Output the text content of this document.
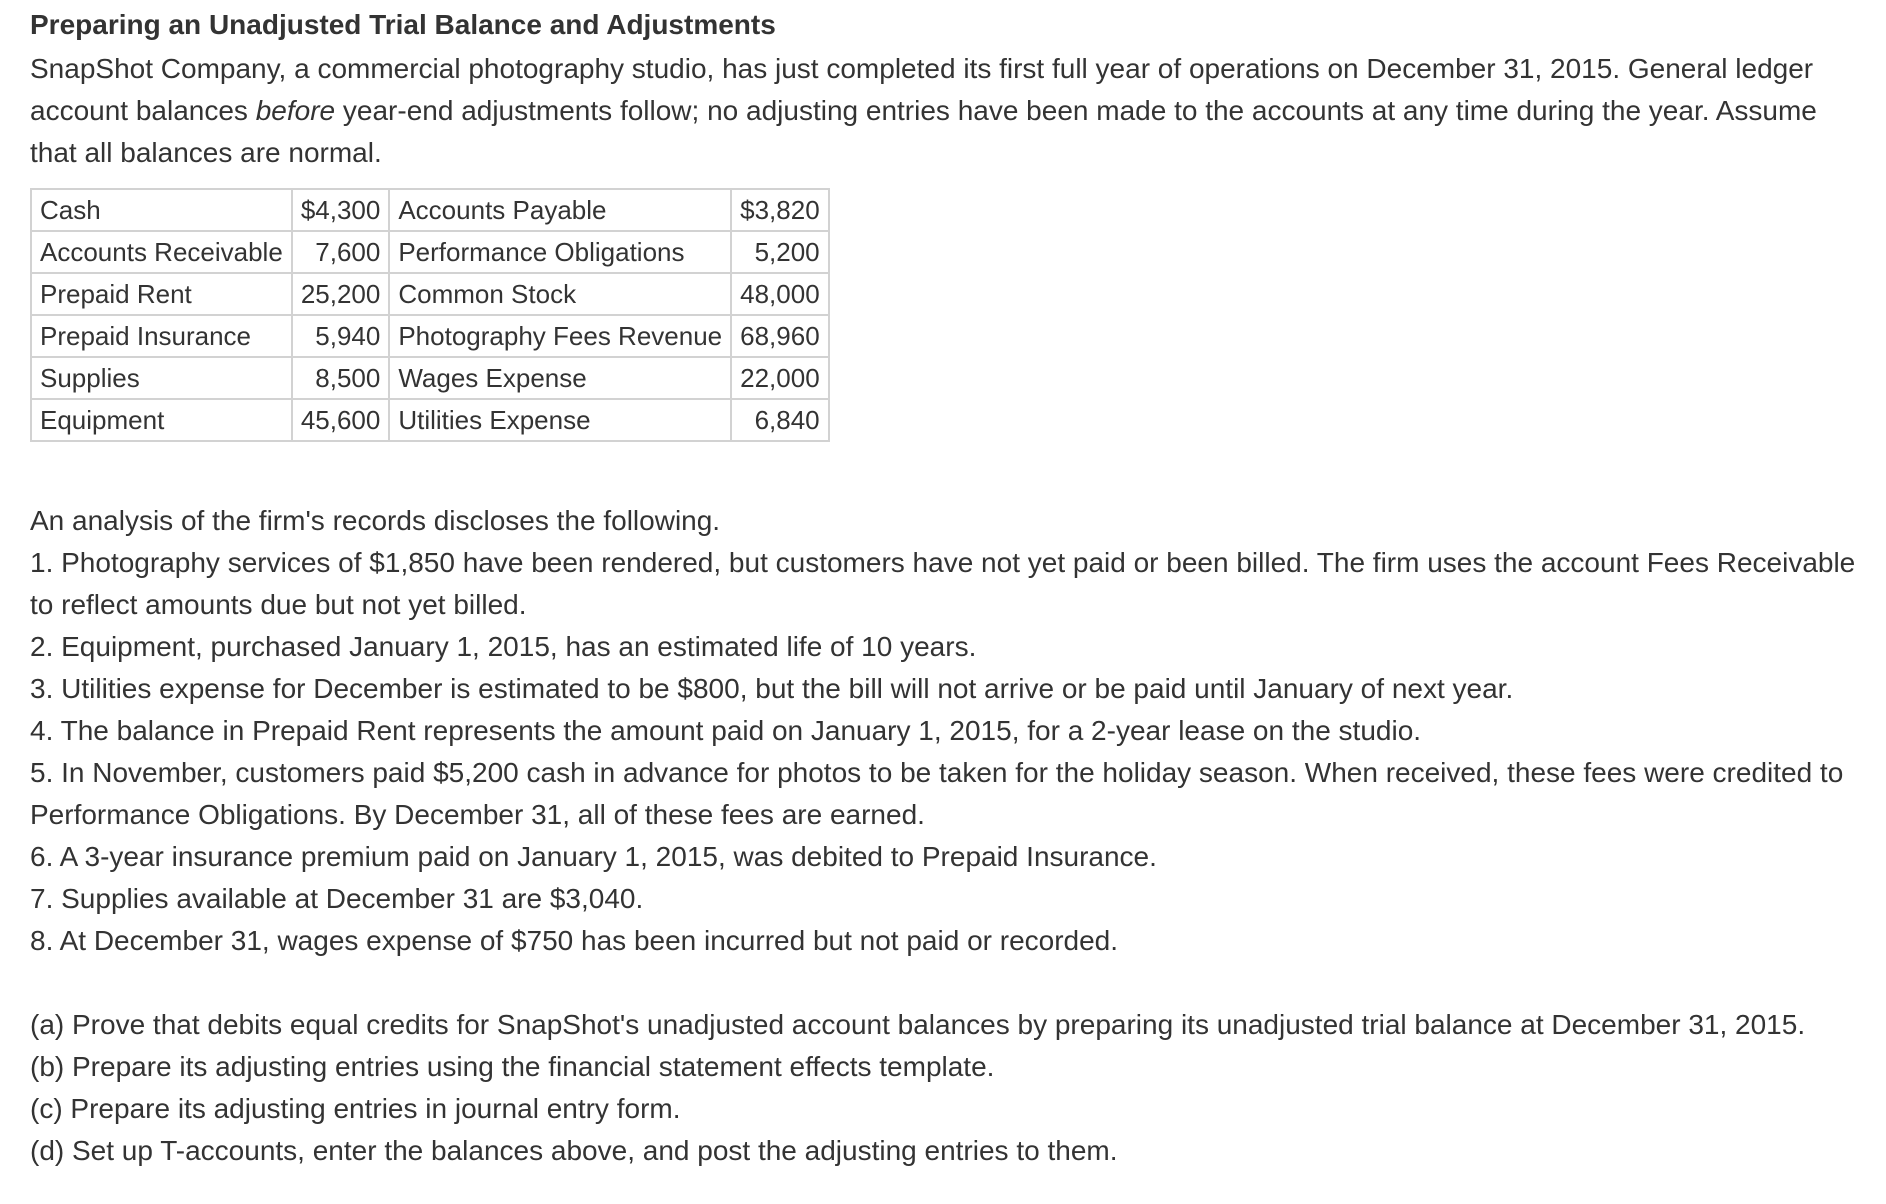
Preparing an Unadjusted Trial Balance and Adjustments

SnapShot Company, a commercial photography studio, has just completed its first full year of operations on December 31, 2015. General ledger account balances before year-end adjustments follow; no adjusting entries have been made to the accounts at any time during the year. Assume that all balances are normal.

Cash	$4,300	Accounts Payable	$3,820
Accounts Receivable	7,600	Performance Obligations	5,200
Prepaid Rent	25,200	Common Stock	48,000
Prepaid Insurance	5,940	Photography Fees Revenue	68,960
Supplies	8,500	Wages Expense	22,000
Equipment	45,600	Utilities Expense	6,840

An analysis of the firm's records discloses the following.

1. Photography services of $1,850 have been rendered, but customers have not yet paid or been billed. The firm uses the account Fees Receivable to reflect amounts due but not yet billed.
2. Equipment, purchased January 1, 2015, has an estimated life of 10 years.
3. Utilities expense for December is estimated to be $800, but the bill will not arrive or be paid until January of next year.
4. The balance in Prepaid Rent represents the amount paid on January 1, 2015, for a 2-year lease on the studio.
5. In November, customers paid $5,200 cash in advance for photos to be taken for the holiday season. When received, these fees were credited to Performance Obligations. By December 31, all of these fees are earned.
6. A 3-year insurance premium paid on January 1, 2015, was debited to Prepaid Insurance.
7. Supplies available at December 31 are $3,040.
8. At December 31, wages expense of $750 has been incurred but not paid or recorded.
(a) Prove that debits equal credits for SnapShot's unadjusted account balances by preparing its unadjusted trial balance at December 31, 2015.
(b) Prepare its adjusting entries using the financial statement effects template.
(c) Prepare its adjusting entries in journal entry form.
(d) Set up T-accounts, enter the balances above, and post the adjusting entries to them.
